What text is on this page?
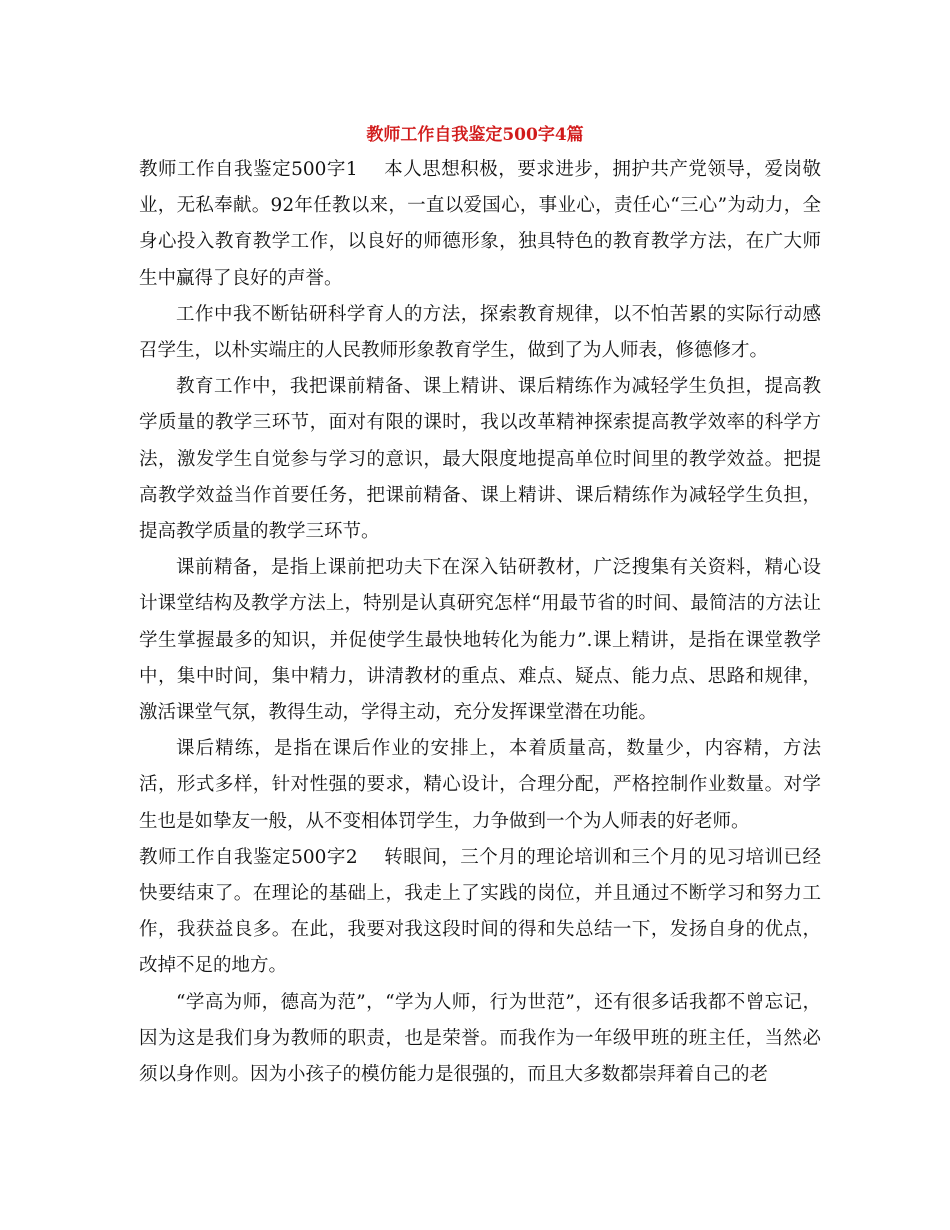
教师工作自我鉴定500字4篇

教师工作自我鉴定500字1 本人思想积极，要求进步，拥护共产党领导，爱岗敬业，无私奉献。92年任教以来，一直以爱国心，事业心，责任心“三心”为动力，全身心投入教育教学工作，以良好的师德形象，独具特色的教育教学方法，在广大师生中赢得了良好的声誉。

工作中我不断钻研科学育人的方法，探索教育规律，以不怕苦累的实际行动感召学生，以朴实端庄的人民教师形象教育学生，做到了为人师表，修德修才。

教育工作中，我把课前精备、课上精讲、课后精练作为减轻学生负担，提高教学质量的教学三环节，面对有限的课时，我以改革精神探索提高教学效率的科学方法，激发学生自觉参与学习的意识，最大限度地提高单位时间里的教学效益。把提高教学效益当作首要任务，把课前精备、课上精讲、课后精练作为减轻学生负担，提高教学质量的教学三环节。

课前精备，是指上课前把功夫下在深入钻研教材，广泛搜集有关资料，精心设计课堂结构及教学方法上，特别是认真研究怎样“用最节省的时间、最简洁的方法让学生掌握最多的知识，并促使学生最快地转化为能力”.课上精讲，是指在课堂教学中，集中时间，集中精力，讲清教材的重点、难点、疑点、能力点、思路和规律，激活课堂气氛，教得生动，学得主动，充分发挥课堂潜在功能。

课后精练，是指在课后作业的安排上，本着质量高，数量少，内容精，方法活，形式多样，针对性强的要求，精心设计，合理分配，严格控制作业数量。对学生也是如挚友一般，从不变相体罚学生，力争做到一个为人师表的好老师。

教师工作自我鉴定500字2 转眼间，三个月的理论培训和三个月的见习培训已经快要结束了。在理论的基础上，我走上了实践的岗位，并且通过不断学习和努力工作，我获益良多。在此，我要对我这段时间的得和失总结一下，发扬自身的优点，改掉不足的地方。

“学高为师，德高为范”，“学为人师，行为世范”，还有很多话我都不曾忘记，因为这是我们身为教师的职责，也是荣誉。而我作为一年级甲班的班主任，当然必须以身作则。因为小孩子的模仿能力是很强的，而且大多数都崇拜着自己的老
